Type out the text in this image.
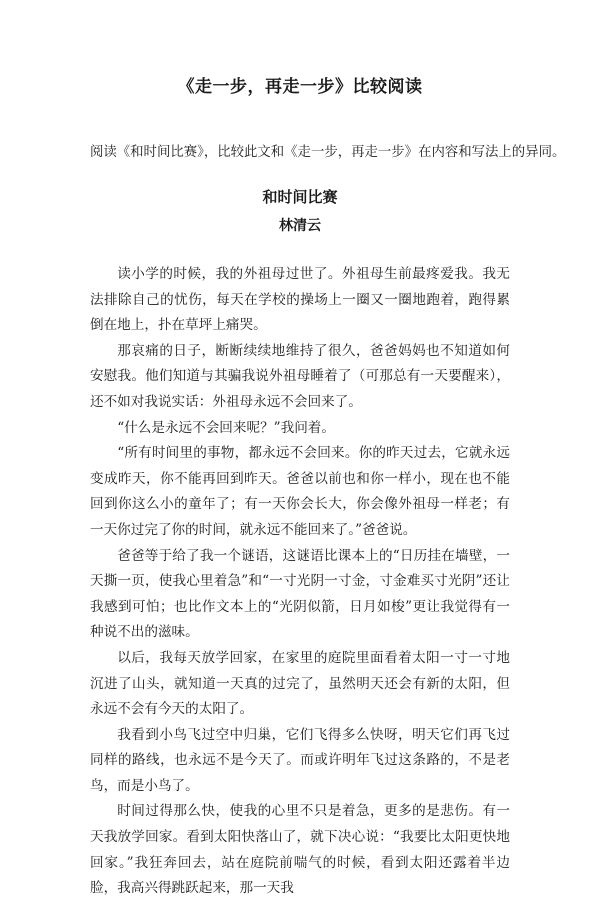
《走一步，再走一步》比较阅读

阅读《和时间比赛》，比较此文和《走一步，再走一步》在内容和写法上的异同。

和时间比赛
林清云

读小学的时候，我的外祖母过世了。外祖母生前最疼爱我。我无法排除自己的忧伤，每天在学校的操场上一圈又一圈地跑着，跑得累倒在地上，扑在草坪上痛哭。

那哀痛的日子，断断续续地维持了很久，爸爸妈妈也不知道如何安慰我。他们知道与其骗我说外祖母睡着了（可那总有一天要醒来），还不如对我说实话：外祖母永远不会回来了。

“什么是永远不会回来呢？”我问着。

“所有时间里的事物，都永远不会回来。你的昨天过去，它就永远变成昨天，你不能再回到昨天。爸爸以前也和你一样小，现在也不能回到你这么小的童年了；有一天你会长大，你会像外祖母一样老；有一天你过完了你的时间，就永远不能回来了。”爸爸说。

爸爸等于给了我一个谜语，这谜语比课本上的“日历挂在墙壁，一天撕一页，使我心里着急”和“一寸光阴一寸金，寸金难买寸光阴”还让我感到可怕；也比作文本上的“光阴似箭，日月如梭”更让我觉得有一种说不出的滋味。

以后，我每天放学回家，在家里的庭院里面看着太阳一寸一寸地沉进了山头，就知道一天真的过完了，虽然明天还会有新的太阳，但永远不会有今天的太阳了。

我看到小鸟飞过空中归巢，它们飞得多么快呀，明天它们再飞过同样的路线，也永远不是今天了。而或许明年飞过这条路的，不是老鸟，而是小鸟了。

时间过得那么快，使我的心里不只是着急，更多的是悲伤。有一天我放学回家。看到太阳快落山了，就下决心说：“我要比太阳更快地回家。”我狂奔回去，站在庭院前喘气的时候，看到太阳还露着半边脸，我高兴得跳跃起来，那一天我
